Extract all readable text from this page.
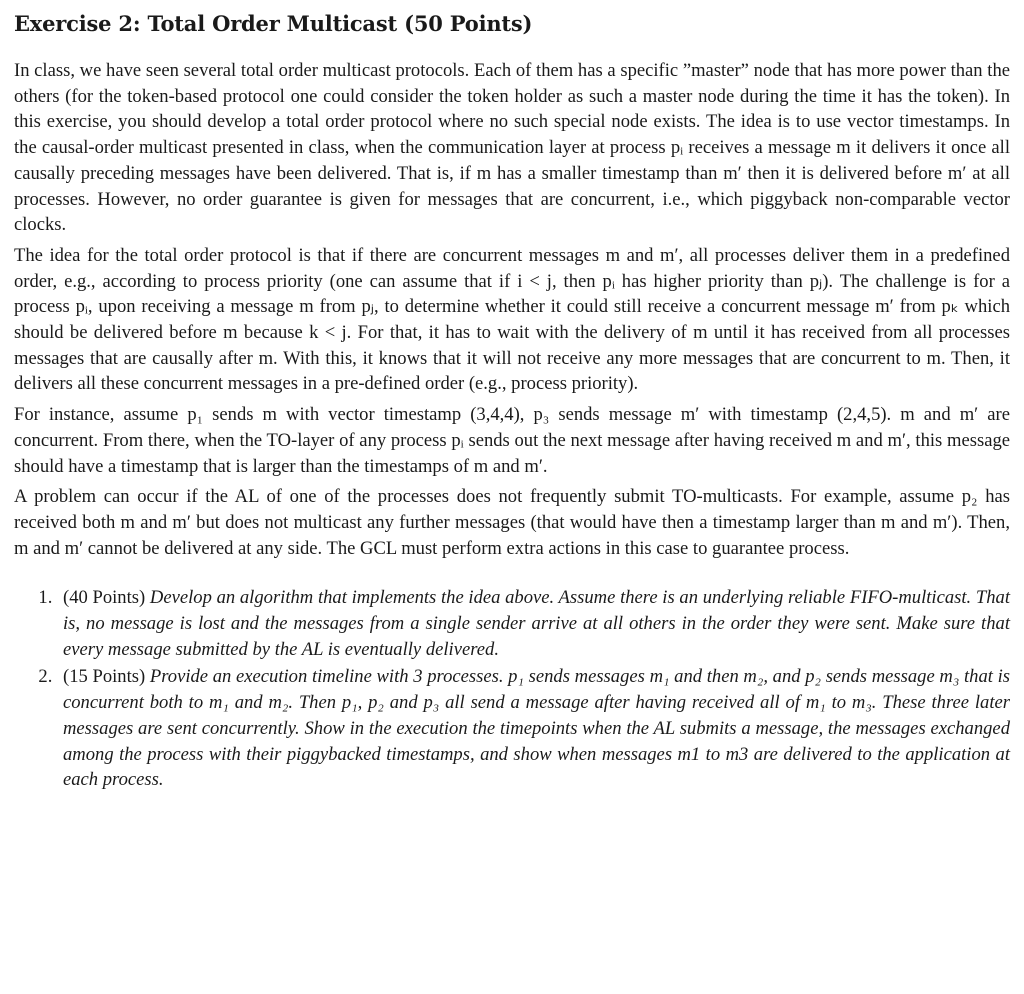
Exercise 2: Total Order Multicast (50 Points)

In class, we have seen several total order multicast protocols. Each of them has a specific ”master” node that has more power than the others (for the token-based protocol one could consider the token holder as such a master node during the time it has the token). In this exercise, you should develop a total order protocol where no such special node exists. The idea is to use vector timestamps. In the causal-order multicast presented in class, when the communication layer at process pᵢ receives a message m it delivers it once all causally preceding messages have been delivered. That is, if m has a smaller timestamp than m′ then it is delivered before m′ at all processes. However, no order guarantee is given for messages that are concurrent, i.e., which piggyback non-comparable vector clocks.

The idea for the total order protocol is that if there are concurrent messages m and m′, all processes deliver them in a predefined order, e.g., according to process priority (one can assume that if i < j, then pᵢ has higher priority than pⱼ). The challenge is for a process pᵢ, upon receiving a message m from pⱼ, to determine whether it could still receive a concurrent message m′ from pₖ which should be delivered before m because k < j. For that, it has to wait with the delivery of m until it has received from all processes messages that are causally after m. With this, it knows that it will not receive any more messages that are concurrent to m. Then, it delivers all these concurrent messages in a pre-defined order (e.g., process priority).

For instance, assume p₁ sends m with vector timestamp (3,4,4), p₃ sends message m′ with timestamp (2,4,5). m and m′ are concurrent. From there, when the TO-layer of any process pᵢ sends out the next message after having received m and m′, this message should have a timestamp that is larger than the timestamps of m and m′.

A problem can occur if the AL of one of the processes does not frequently submit TO-multicasts. For example, assume p₂ has received both m and m′ but does not multicast any further messages (that would have then a timestamp larger than m and m′). Then, m and m′ cannot be delivered at any side. The GCL must perform extra actions in this case to guarantee process.

1. (40 Points) Develop an algorithm that implements the idea above. Assume there is an underlying reliable FIFO-multicast. That is, no message is lost and the messages from a single sender arrive at all others in the order they were sent. Make sure that every message submitted by the AL is eventually delivered.
2. (15 Points) Provide an execution timeline with 3 processes. p₁ sends messages m₁ and then m₂, and p₂ sends message m₃ that is concurrent both to m₁ and m₂. Then p₁, p₂ and p₃ all send a message after having received all of m₁ to m₃. These three later messages are sent concurrently. Show in the execution the timepoints when the AL submits a message, the messages exchanged among the process with their piggybacked timestamps, and show when messages m1 to m3 are delivered to the application at each process.
